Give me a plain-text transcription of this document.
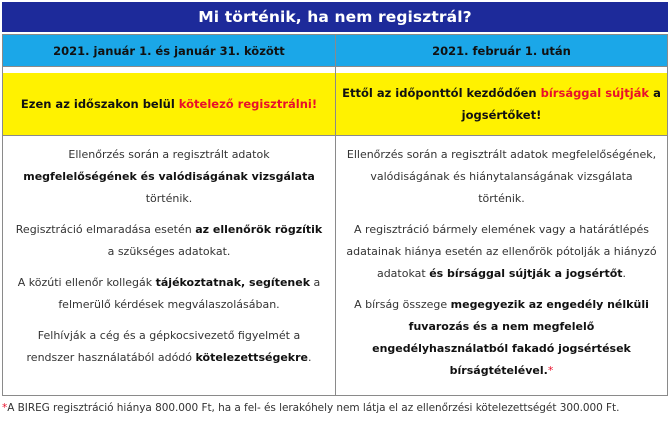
Mi történik, ha nem regisztrál?
2021. január 1. és január 31. között
Ezen az időszakon belül kötelező regisztrálni!

Ellenőrzés során a regisztrált adatok megfelelőségének és valódiságának vizsgálata történik.

Regisztráció elmaradása esetén az ellenőrök rögzítik a szükséges adatokat.

A közúti ellenőr kollegák tájékoztatnak, segítenek a felmerülő kérdések megválaszolásában.

Felhívják a cég és a gépkocsivezető figyelmét a rendszer használatából adódó kötelezettségekre.

2021. február 1. után
Ettől az időponttól kezdődően bírsággal sújtják a jogsértőket!

Ellenőrzés során a regisztrált adatok megfelelőségének, valódiságának és hiánytalanságának vizsgálata történik.

A regisztráció bármely elemének vagy a határátlépés adatainak hiánya esetén az ellenőrök pótolják a hiányzó adatokat és bírsággal sújtják a jogsértőt.

A bírság összege megegyezik az engedély nélküli fuvarozás és a nem megfelelő engedélyhasználatból fakadó jogsértések bírságtételével.*

*A BIREG regisztráció hiánya 800.000 Ft, ha a fel- és lerakóhely nem látja el az ellenőrzési kötelezettségét 300.000 Ft.
